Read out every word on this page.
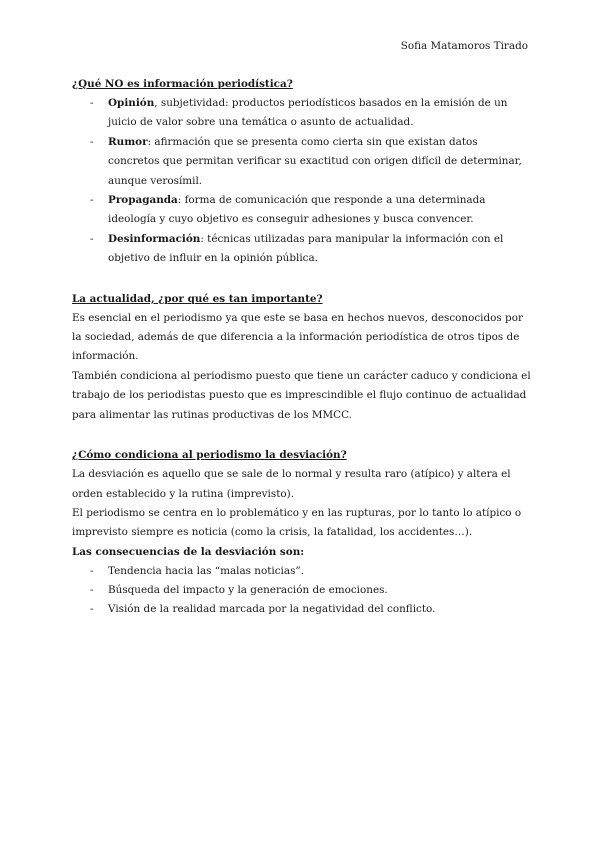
Sofia Matamoros Tirado
¿Qué NO es información periodística?
- Opinión, subjetividad: productos periodísticos basados en la emisión de un juicio de valor sobre una temática o asunto de actualidad.
- Rumor: afirmación que se presenta como cierta sin que existan datos concretos que permitan verificar su exactitud con origen difícil de determinar, aunque verosímil.
- Propaganda: forma de comunicación que responde a una determinada ideología y cuyo objetivo es conseguir adhesiones y busca convencer.
- Desinformación: técnicas utilizadas para manipular la información con el objetivo de influir en la opinión pública.
La actualidad, ¿por qué es tan importante?

Es esencial en el periodismo ya que este se basa en hechos nuevos, desconocidos por la sociedad, además de que diferencia a la información periodística de otros tipos de información.

También condiciona al periodismo puesto que tiene un carácter caduco y condiciona el trabajo de los periodistas puesto que es imprescindible el flujo continuo de actualidad para alimentar las rutinas productivas de los MMCC.

¿Cómo condiciona al periodismo la desviación?

La desviación es aquello que se sale de lo normal y resulta raro (atípico) y altera el orden establecido y la rutina (imprevisto).

El periodismo se centra en lo problemático y en las rupturas, por lo tanto lo atípico o imprevisto siempre es noticia (como la crisis, la fatalidad, los accidentes…).

Las consecuencias de la desviación son:
- Tendencia hacia las “malas noticias”.
- Búsqueda del impacto y la generación de emociones.
- Visión de la realidad marcada por la negatividad del conflicto.
